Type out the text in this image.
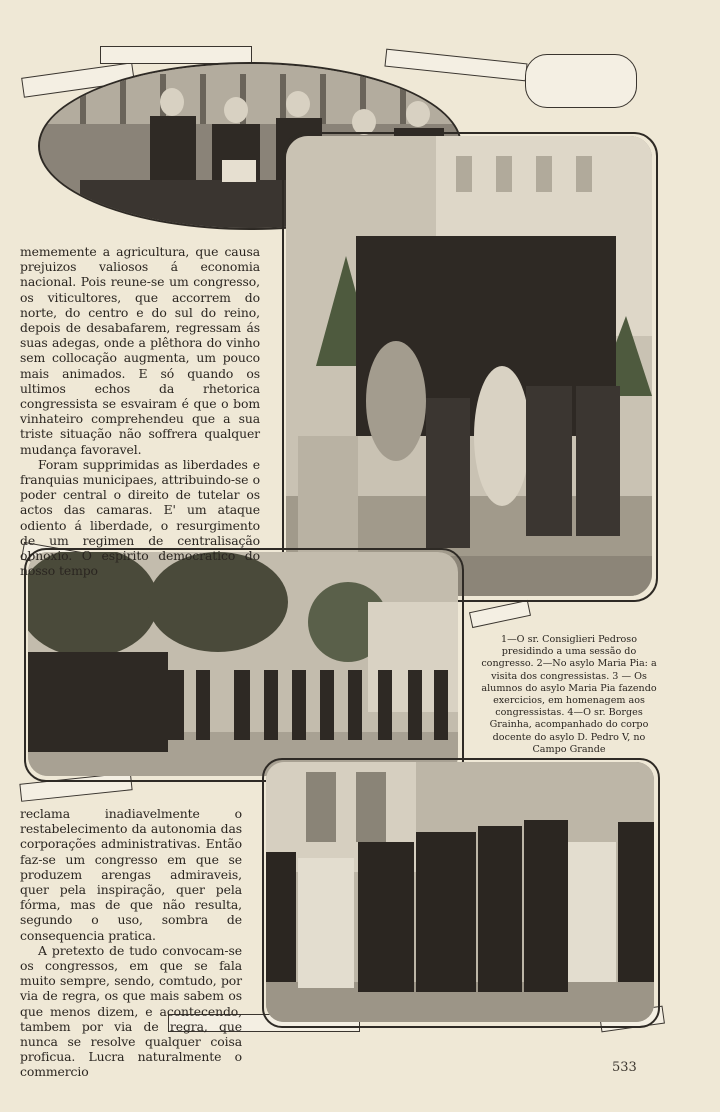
mememente a agricultura, que causa prejuizos valiosos á economia nacional. Pois reune-se um congresso, os viticultores, que accorrem do norte, do centro e do sul do reino, depois de desabafarem, regressam ás suas adegas, onde a plêthora do vinho sem collocação augmenta, um pouco mais animados. E só quando os ultimos echos da rhetorica congressista se esvairam é que o bom vinhateiro comprehendeu que a sua triste situação não soffrera qualquer mudança favoravel.

Foram supprimidas as liberdades e franquias municipaes, attribuindo-se o poder central o direito de tutelar os actos das camaras. E' um ataque odiento á liberdade, o resurgimento de um regimen de centralisação obnoxio. O espirito democratico do nosso tempo

1—O sr. Consiglieri Pedroso presidindo a uma sessão do congresso. 2—No asylo Maria Pia: a visita dos congressistas. 3 — Os alumnos do asylo Maria Pia fazendo exercicios, em homenagem aos congressistas. 4—O sr. Borges Grainha, acompanhado do corpo docente do asylo D. Pedro V, no Campo Grande

reclama inadiavelmente o restabelecimento da autonomia das corporações administrativas. Então faz-se um congresso em que se produzem arengas admiraveis, quer pela inspiração, quer pela fórma, mas de que não resulta, segundo o uso, sombra de consequencia pratica.

A pretexto de tudo convocam-se os congressos, em que se fala muito sempre, sendo, comtudo, por via de regra, os que mais sabem os que menos dizem, e acontecendo, tambem por via de regra, que nunca se resolve qualquer coisa proficua. Lucra naturalmente o commercio	533
